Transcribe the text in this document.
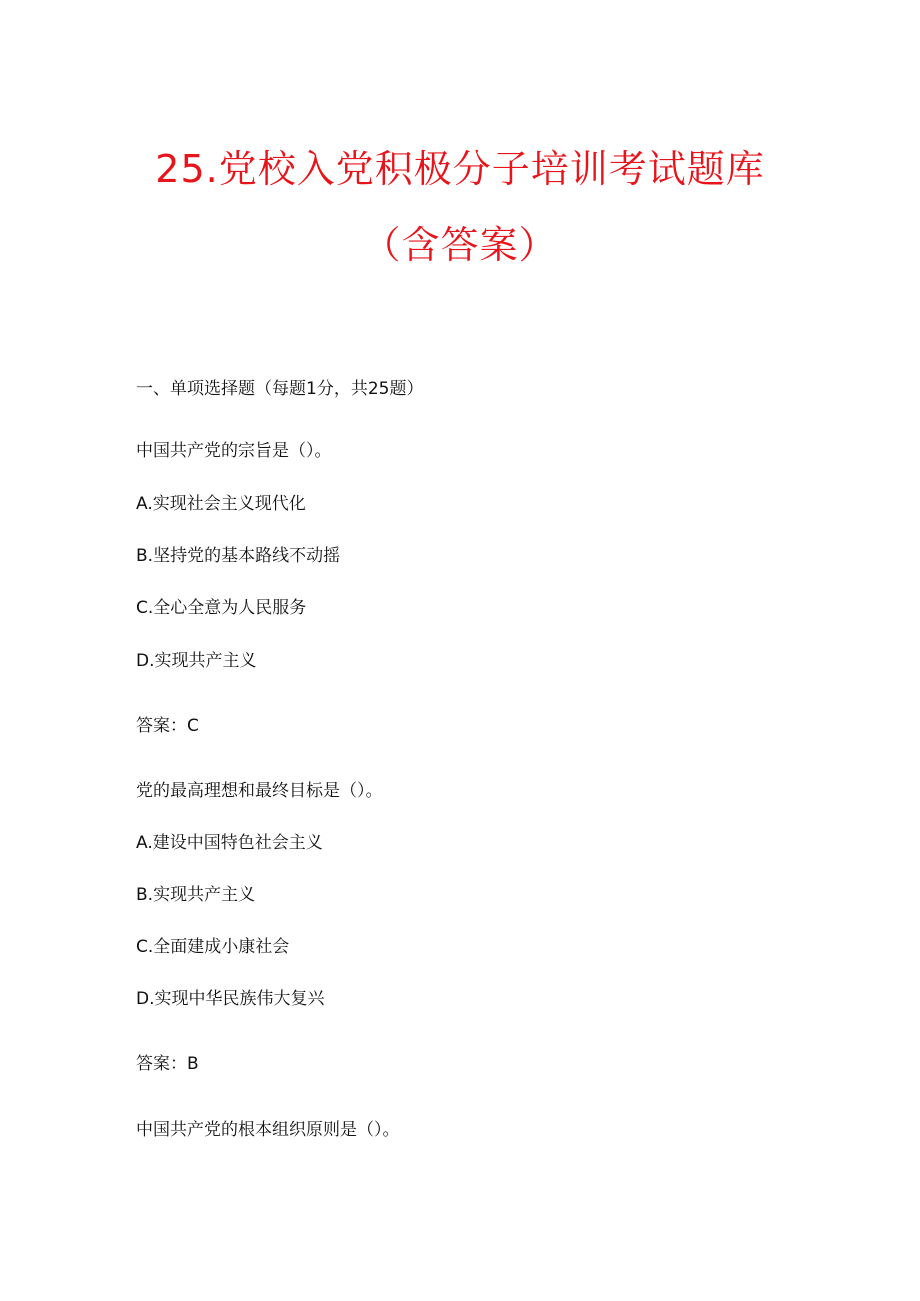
25.党校入党积极分子培训考试题库
（含答案）
一、单项选择题（每题1分，共25题）
中国共产党的宗旨是（）。
A.实现社会主义现代化
B.坚持党的基本路线不动摇
C.全心全意为人民服务
D.实现共产主义
答案：C
党的最高理想和最终目标是（）。
A.建设中国特色社会主义
B.实现共产主义
C.全面建成小康社会
D.实现中华民族伟大复兴
答案：B
中国共产党的根本组织原则是（）。
